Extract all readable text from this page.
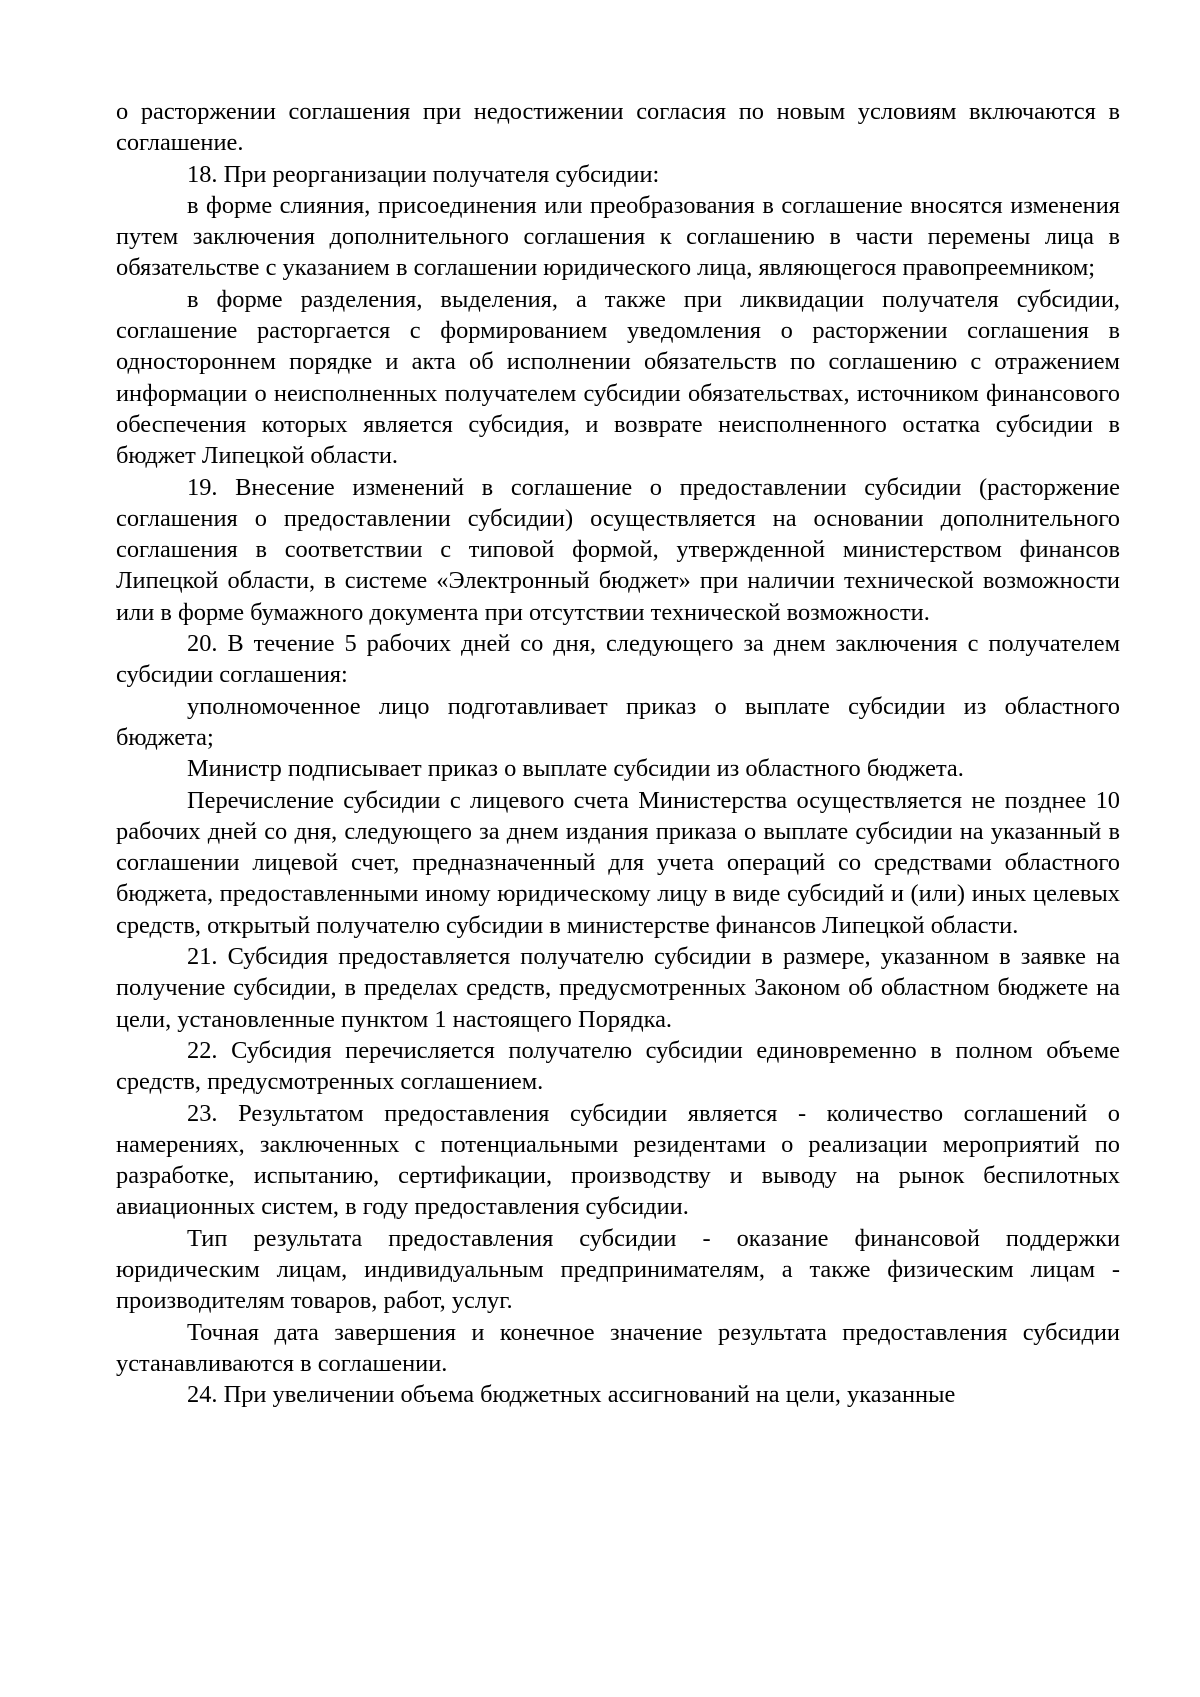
о расторжении соглашения при недостижении согласия по новым условиям включаются в соглашение.

18. При реорганизации получателя субсидии:

в форме слияния, присоединения или преобразования в соглашение вносятся изменения путем заключения дополнительного соглашения к соглашению в части перемены лица в обязательстве с указанием в соглашении юридического лица, являющегося правопреемником;

в форме разделения, выделения, а также при ликвидации получателя субсидии, соглашение расторгается с формированием уведомления о расторжении соглашения в одностороннем порядке и акта об исполнении обязательств по соглашению с отражением информации о неисполненных получателем субсидии обязательствах, источником финансового обеспечения которых является субсидия, и возврате неисполненного остатка субсидии в бюджет Липецкой области.

19. Внесение изменений в соглашение о предоставлении субсидии (расторжение соглашения о предоставлении субсидии) осуществляется на основании дополнительного соглашения в соответствии с типовой формой, утвержденной министерством финансов Липецкой области, в системе «Электронный бюджет» при наличии технической возможности или в форме бумажного документа при отсутствии технической возможности.

20. В течение 5 рабочих дней со дня, следующего за днем заключения с получателем субсидии соглашения:

уполномоченное лицо подготавливает приказ о выплате субсидии из областного бюджета;

Министр подписывает приказ о выплате субсидии из областного бюджета.

Перечисление субсидии с лицевого счета Министерства осуществляется не позднее 10 рабочих дней со дня, следующего за днем издания приказа о выплате субсидии на указанный в соглашении лицевой счет, предназначенный для учета операций со средствами областного бюджета, предоставленными иному юридическому лицу в виде субсидий и (или) иных целевых средств, открытый получателю субсидии в министерстве финансов Липецкой области.

21. Субсидия предоставляется получателю субсидии в размере, указанном в заявке на получение субсидии, в пределах средств, предусмотренных Законом об областном бюджете на цели, установленные пунктом 1 настоящего Порядка.

22. Субсидия перечисляется получателю субсидии единовременно в полном объеме средств, предусмотренных соглашением.

23. Результатом предоставления субсидии является - количество соглашений о намерениях, заключенных с потенциальными резидентами о реализации мероприятий по разработке, испытанию, сертификации, производству и выводу на рынок беспилотных авиационных систем, в году предоставления субсидии.

Тип результата предоставления субсидии - оказание финансовой поддержки юридическим лицам, индивидуальным предпринимателям, а также физическим лицам - производителям товаров, работ, услуг.

Точная дата завершения и конечное значение результата предоставления субсидии устанавливаются в соглашении.

24. При увеличении объема бюджетных ассигнований на цели, указанные
